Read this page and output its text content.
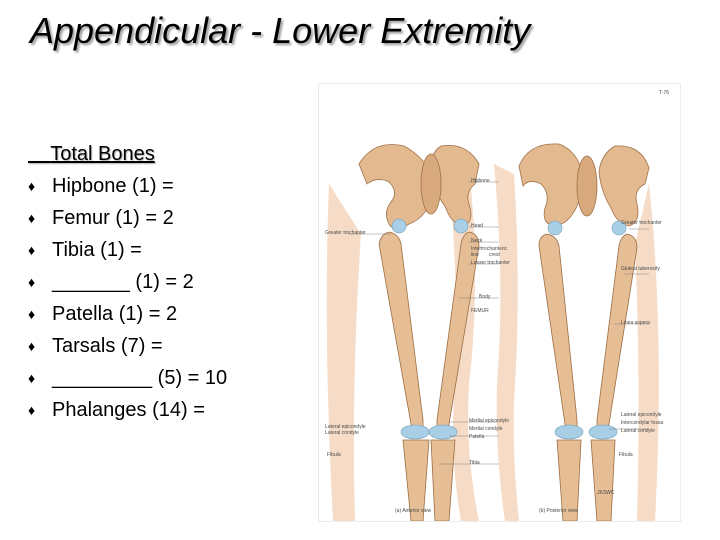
Appendicular - Lower Extremity
Total Bones
♦ Hipbone (1) =
♦ Femur (1) = 2
♦ Tibia (1) =
♦ _______ (1) = 2
♦ Patella (1) = 2
♦ Tarsals (7) =
♦ _________ (5) = 10
♦ Phalanges (14) =
T-76
Greater trochanter
Lateral epicondyle
Lateral condyle
Fibula
Hipbone
Head
Neck
Intertrochanteric
line crest
Lesser trochanter
Body
FEMUR
Medial epicondyle
Medial condyle
Patella
Tibia
Greater trochanter
Gluteal tuberosity
Linea aspera
Lateral epicondyle
Intercondylar fossa
Lateral condyle
Fibula
(a) Anterior view	(b) Posterior view
JKSWC
